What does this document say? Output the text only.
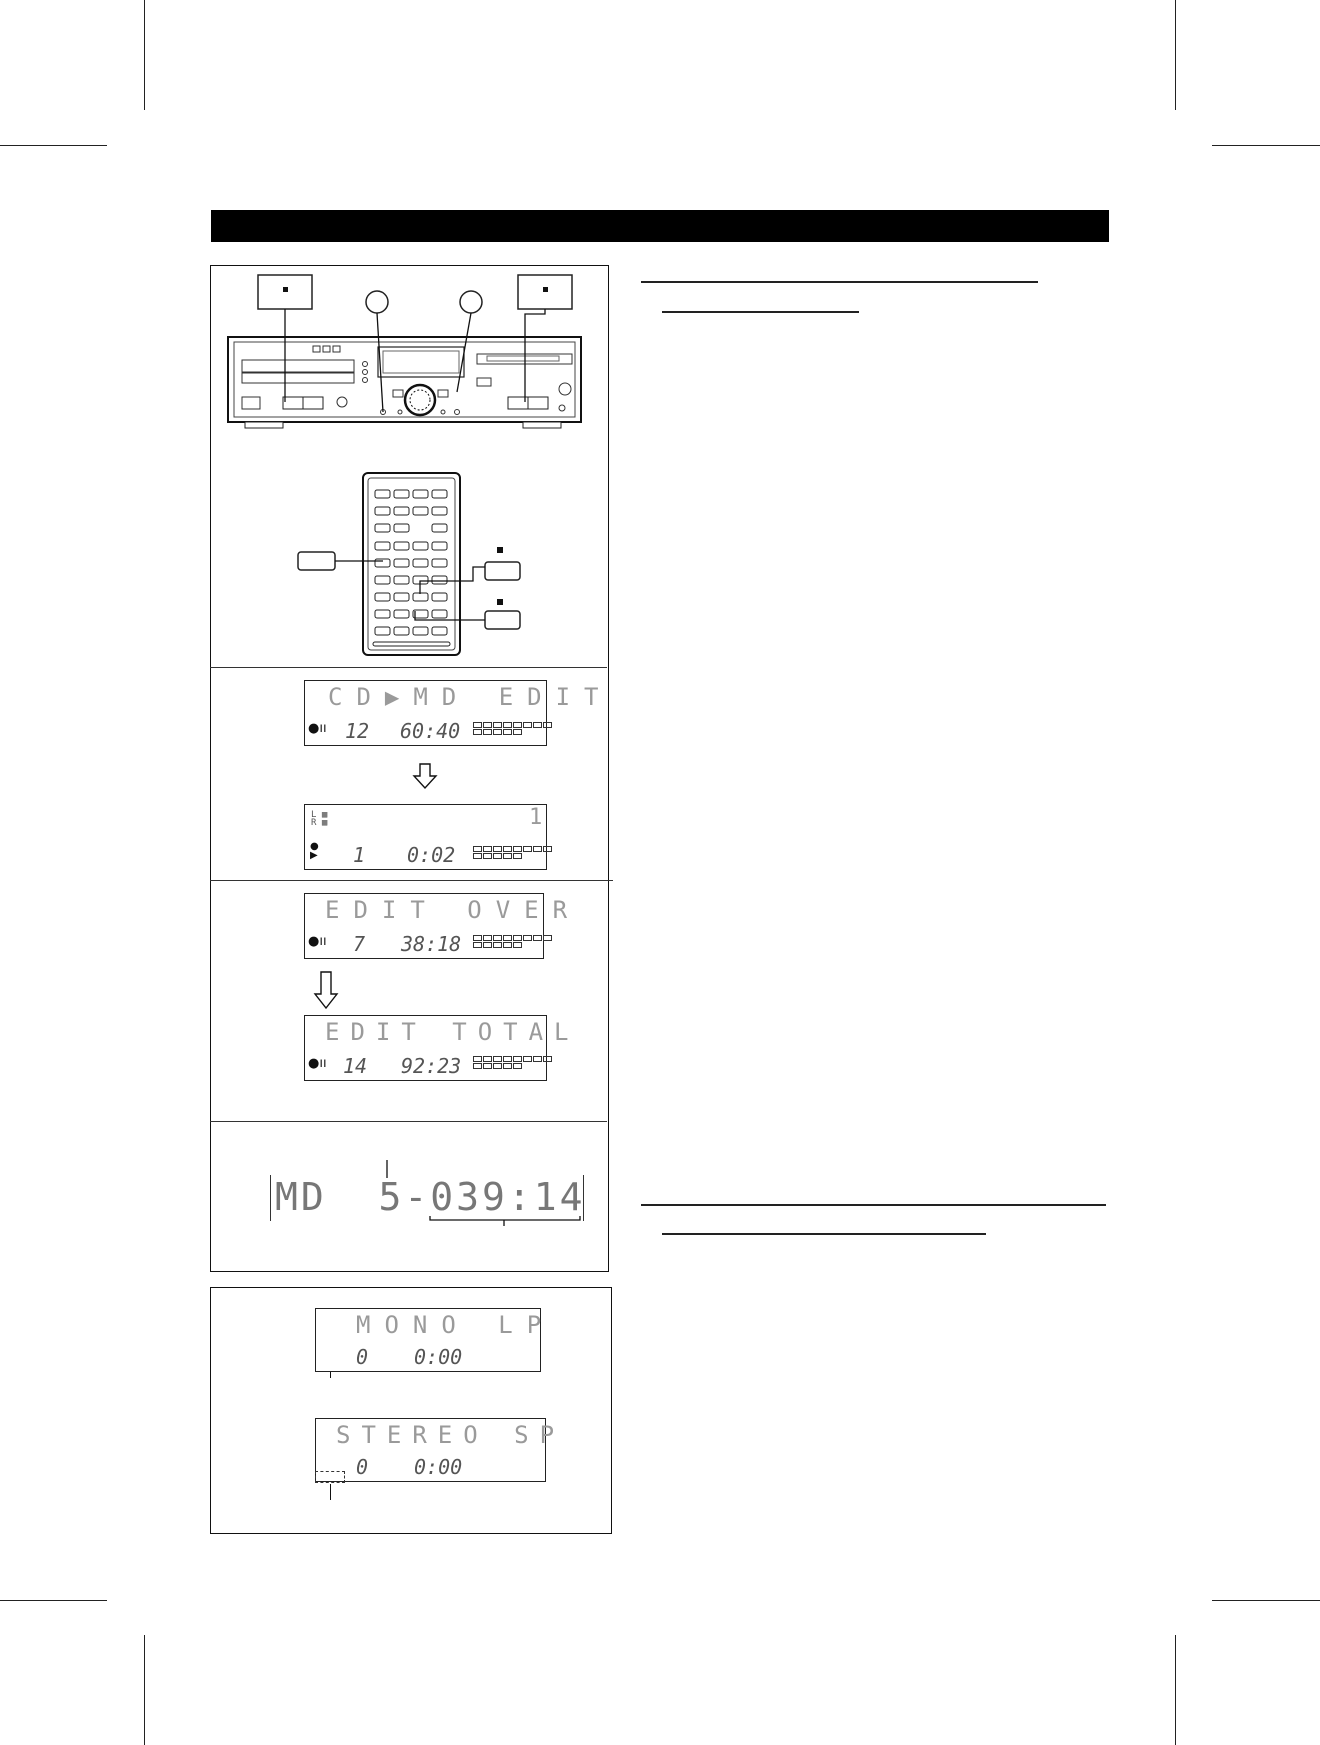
CD▶MD EDIT
●ıı 12 60:40
L ▦
R ▦	1
●
▶ 1 0:02
EDIT OVER
●ıı 7 38:18
EDIT TOTAL
●ıı 14 92:23
MD  5-039:14
MONO LP
0 0:00
STEREO SP
0 0:00
